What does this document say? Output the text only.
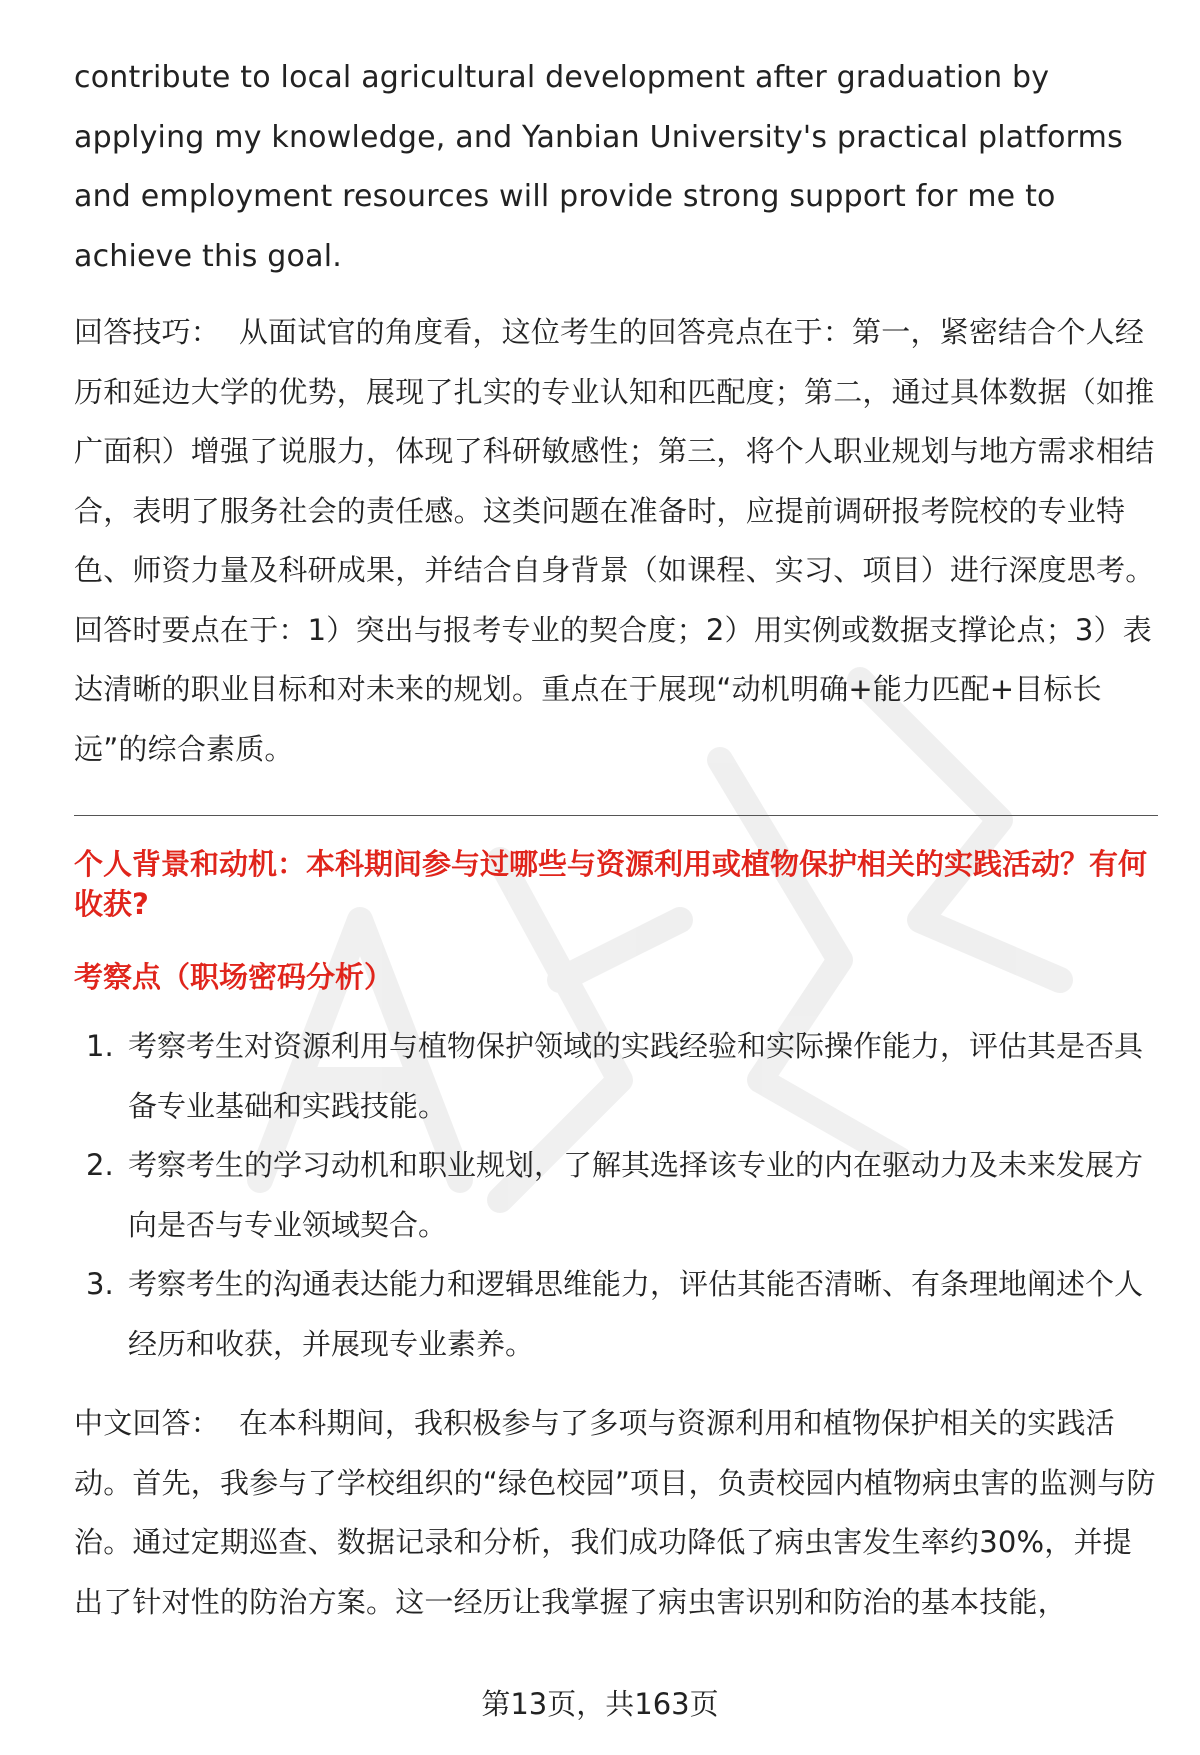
contribute to local agricultural development after graduation by applying my knowledge, and Yanbian University's practical platforms and employment resources will provide strong support for me to achieve this goal.

回答技巧： 从面试官的角度看，这位考生的回答亮点在于：第一，紧密结合个人经历和延边大学的优势，展现了扎实的专业认知和匹配度；第二，通过具体数据（如推广面积）增强了说服力，体现了科研敏感性；第三，将个人职业规划与地方需求相结合，表明了服务社会的责任感。这类问题在准备时，应提前调研报考院校的专业特色、师资力量及科研成果，并结合自身背景（如课程、实习、项目）进行深度思考。回答时要点在于：1）突出与报考专业的契合度；2）用实例或数据支撑论点；3）表达清晰的职业目标和对未来的规划。重点在于展现“动机明确+能力匹配+目标长远”的综合素质。

个人背景和动机：本科期间参与过哪些与资源利用或植物保护相关的实践活动？有何收获?

考察点（职场密码分析）

1. 考察考生对资源利用与植物保护领域的实践经验和实际操作能力，评估其是否具备专业基础和实践技能。
2. 考察考生的学习动机和职业规划，了解其选择该专业的内在驱动力及未来发展方向是否与专业领域契合。
3. 考察考生的沟通表达能力和逻辑思维能力，评估其能否清晰、有条理地阐述个人经历和收获，并展现专业素养。

中文回答： 在本科期间，我积极参与了多项与资源利用和植物保护相关的实践活动。首先，我参与了学校组织的“绿色校园”项目，负责校园内植物病虫害的监测与防治。通过定期巡查、数据记录和分析，我们成功降低了病虫害发生率约30%，并提出了针对性的防治方案。这一经历让我掌握了病虫害识别和防治的基本技能，

第13页，共163页
